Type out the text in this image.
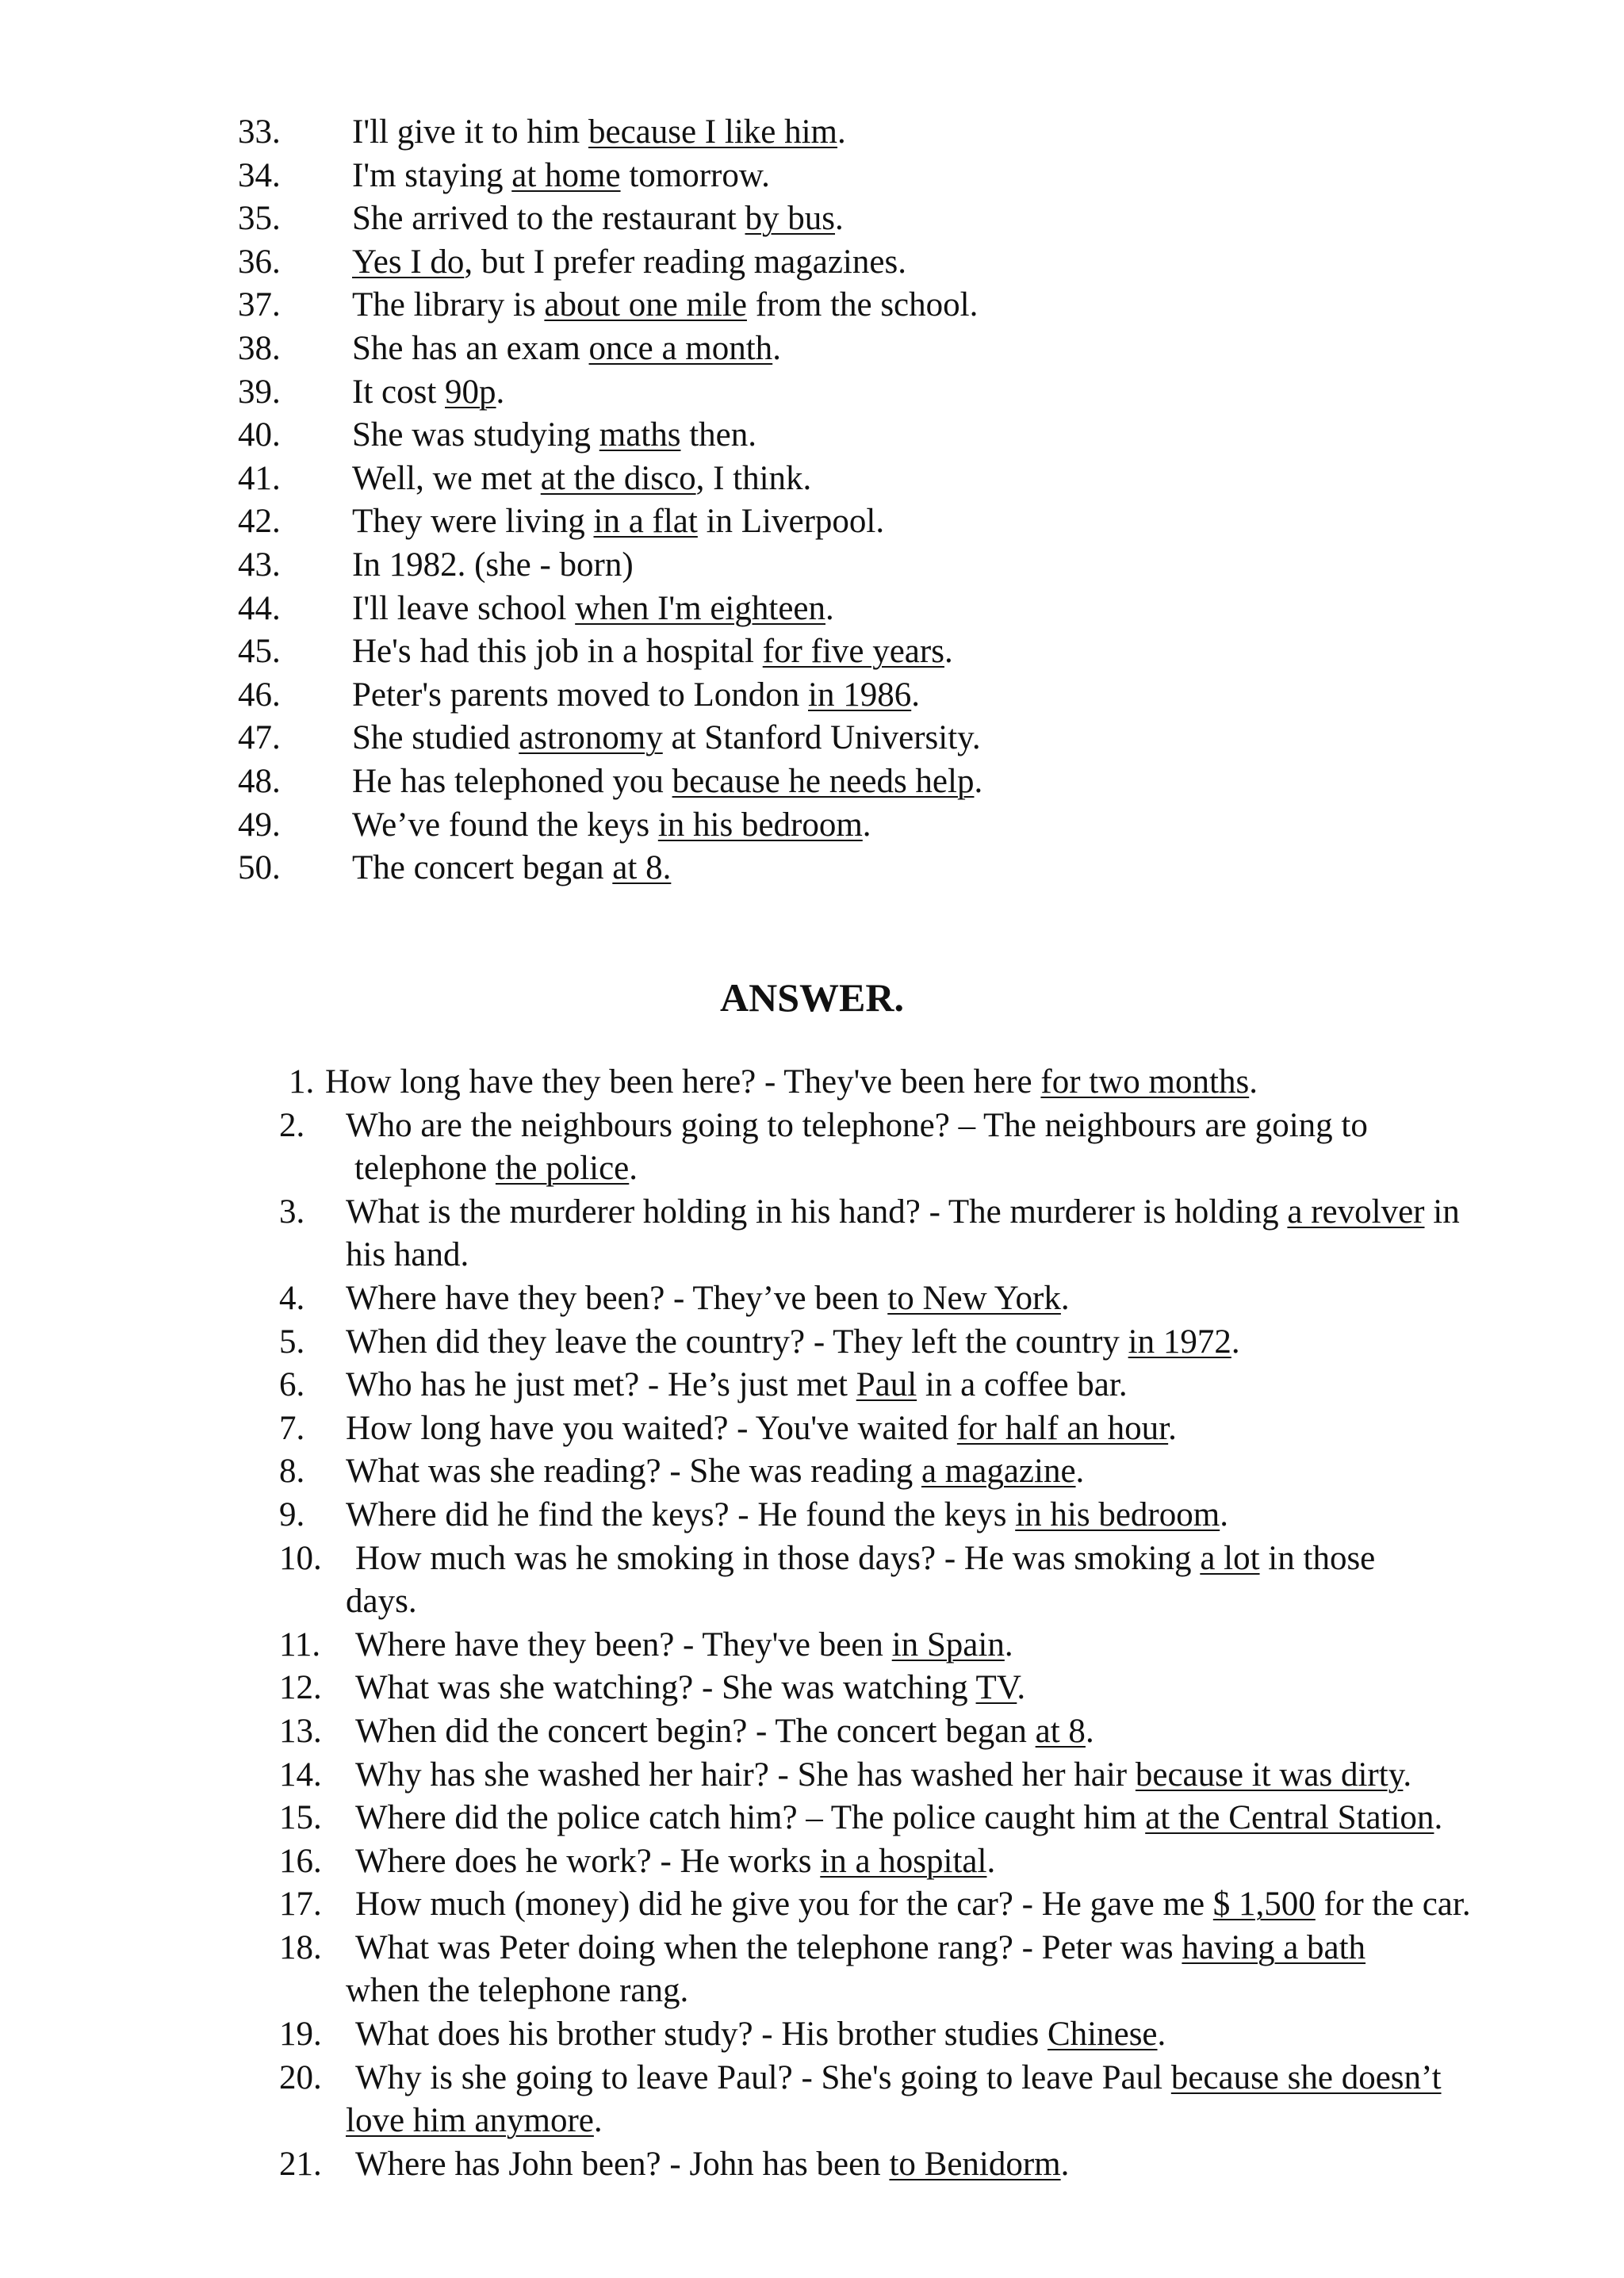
33. I'll give it to him because I like him.
34. I'm staying at home tomorrow.
35. She arrived to the restaurant by bus.
36. Yes I do, but I prefer reading magazines.
37. The library is about one mile from the school.
38. She has an exam once a month.
39. It cost 90p.
40. She was studying maths then.
41. Well, we met at the disco, I think.
42. They were living in a flat in Liverpool.
43. In 1982. (she - born)
44. I'll leave school when I'm eighteen.
45. He's had this job in a hospital for five years.
46. Peter's parents moved to London in 1986.
47. She studied astronomy at Stanford University.
48. He has telephoned you because he needs help.
49. We’ve found the keys in his bedroom.
50. The concert began at 8.
ANSWER.
1. How long have they been here? - They've been here for two months.
2. Who are the neighbours going to telephone? – The neighbours are going to
telephone the police.
3. What is the murderer holding in his hand? - The murderer is holding a revolver in
his hand.
4. Where have they been? - They’ve been to New York.
5. When did they leave the country? - They left the country in 1972.
6. Who has he just met? - He’s just met Paul in a coffee bar.
7. How long have you waited? - You've waited for half an hour.
8. What was she reading? - She was reading a magazine.
9. Where did he find the keys? - He found the keys in his bedroom.
10. How much was he smoking in those days? - He was smoking a lot in those
days.
11. Where have they been? - They've been in Spain.
12. What was she watching? - She was watching TV.
13. When did the concert begin? - The concert began at 8.
14. Why has she washed her hair? - She has washed her hair because it was dirty.
15. Where did the police catch him? – The police caught him at the Central Station.
16. Where does he work? - He works in a hospital.
17. How much (money) did he give you for the car? - He gave me $ 1,500 for the car.
18. What was Peter doing when the telephone rang? - Peter was having a bath
when the telephone rang.
19. What does his brother study? - His brother studies Chinese.
20. Why is she going to leave Paul? - She's going to leave Paul because she doesn’t
love him anymore.
21. Where has John been? - John has been to Benidorm.
